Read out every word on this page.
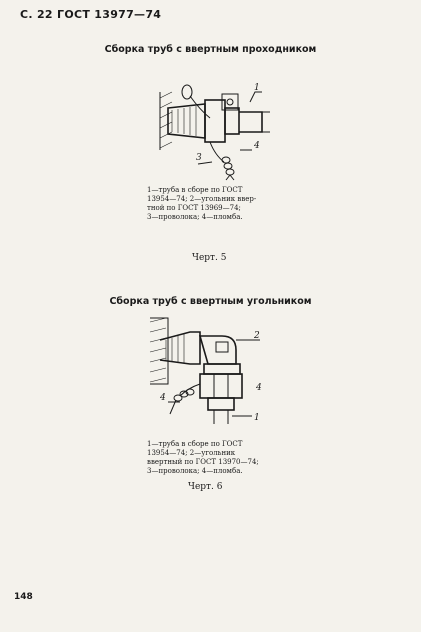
С. 22 ГОСТ 13977—74
Сборка труб с ввертным проходником
1
3
4
2
4
4
1
1—труба в сборе по ГОСТ
13954—74; 2—угольник ввер-
тной по ГОСТ 13969—74;
3—проволока; 4—пломба.
Черт. 5
Сборка труб с ввертным угольником
1—труба в сборе по ГОСТ
13954—74; 2—угольник
ввертный по ГОСТ 13970—74;
3—проволока; 4—пломба.
Черт. 6
148
